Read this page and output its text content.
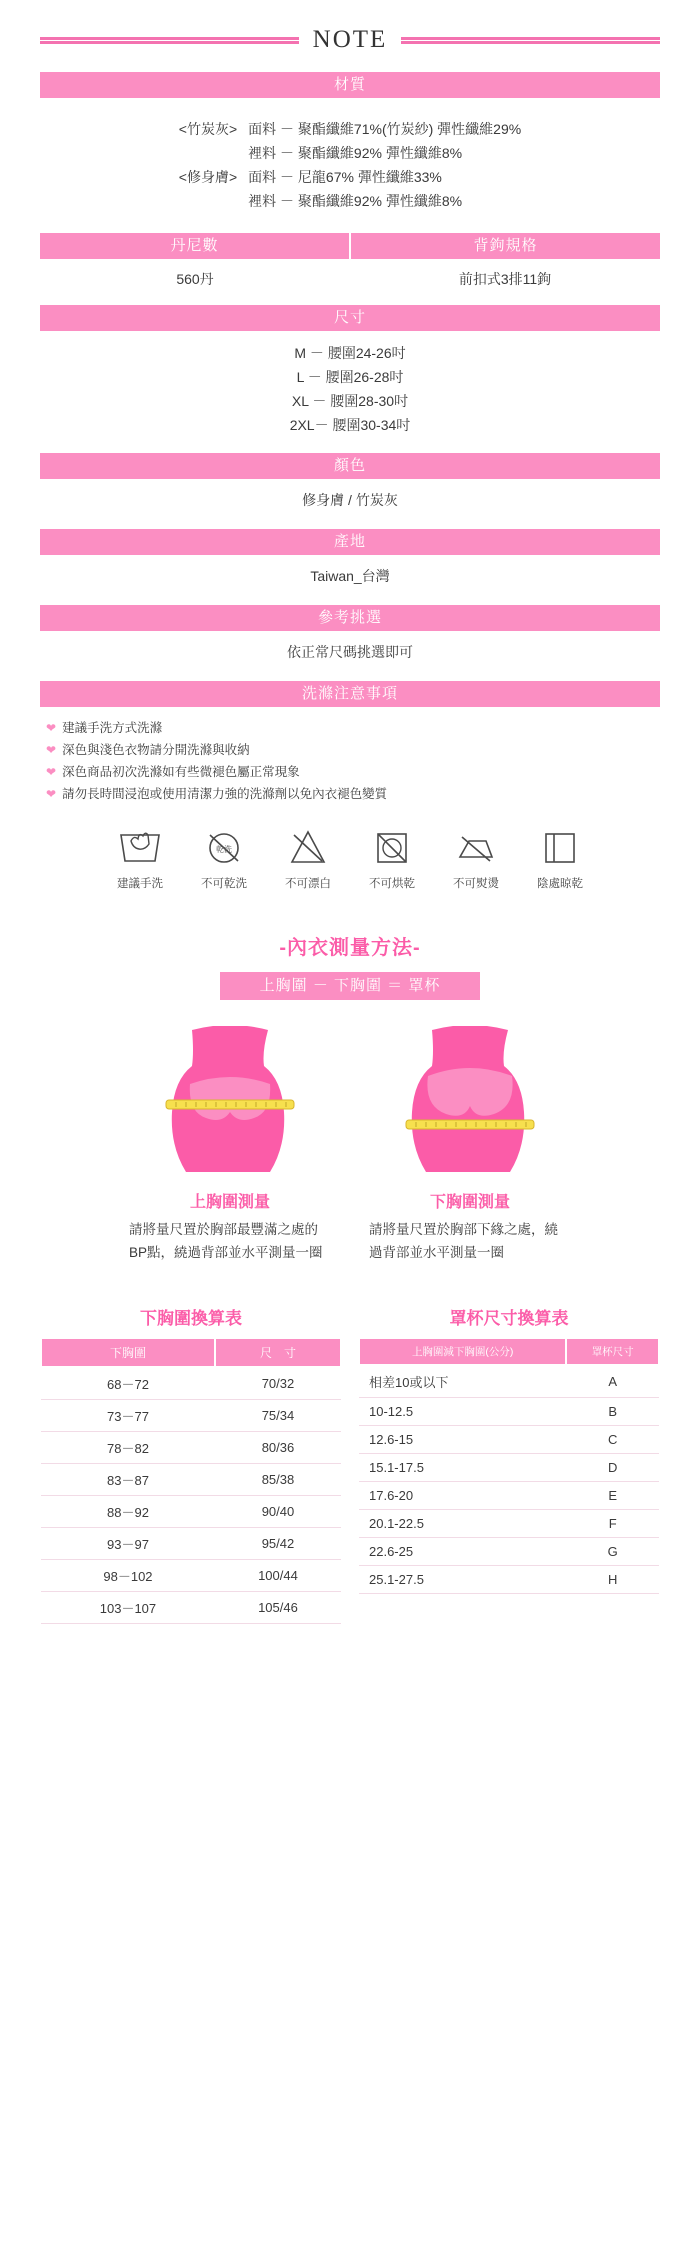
NOTE
材質
<竹炭灰>	面料 － 聚酯纖維71%(竹炭紗) 彈性纖維29%
	裡料 － 聚酯纖維92% 彈性纖維8%
<修身膚>	面料 － 尼龍67% 彈性纖維33%
	裡料 － 聚酯纖維92% 彈性纖維8%
丹尼數	背鉤規格
560丹	前扣式3排11鉤
尺寸
M － 腰圍24-26吋
L － 腰圍26-28吋
XL － 腰圍28-30吋
2XL－ 腰圍30-34吋
顏色
修身膚 / 竹炭灰
產地
Taiwan_台灣
參考挑選
依正常尺碼挑選即可
洗滌注意事項
❤ 建議手洗方式洗滌
❤ 深色與淺色衣物請分開洗滌與收納
❤ 深色商品初次洗滌如有些微褪色屬正常現象
❤ 請勿長時間浸泡或使用清潔力強的洗滌劑以免內衣褪色變質
建議手洗
乾洗
不可乾洗	不可漂白	不可烘乾	不可熨燙	陰處晾乾
-內衣測量方法-
上胸圍 － 下胸圍 ＝ 罩杯
上胸圍測量
請將量尺置於胸部最豐滿之處的BP點，繞過背部並水平測量一圈
下胸圍測量
請將量尺置於胸部下緣之處，繞過背部並水平測量一圈
下胸圍換算表
下胸圍	尺　寸
68－72	70/32
73－77	75/34
78－82	80/36
83－87	85/38
88－92	90/40
93－97	95/42
98－102	100/44
103－107	105/46
罩杯尺寸換算表
上胸圍減下胸圍(公分)	罩杯尺寸
相差10或以下	A
10-12.5	B
12.6-15	C
15.1-17.5	D
17.6-20	E
20.1-22.5	F
22.6-25	G
25.1-27.5	H
